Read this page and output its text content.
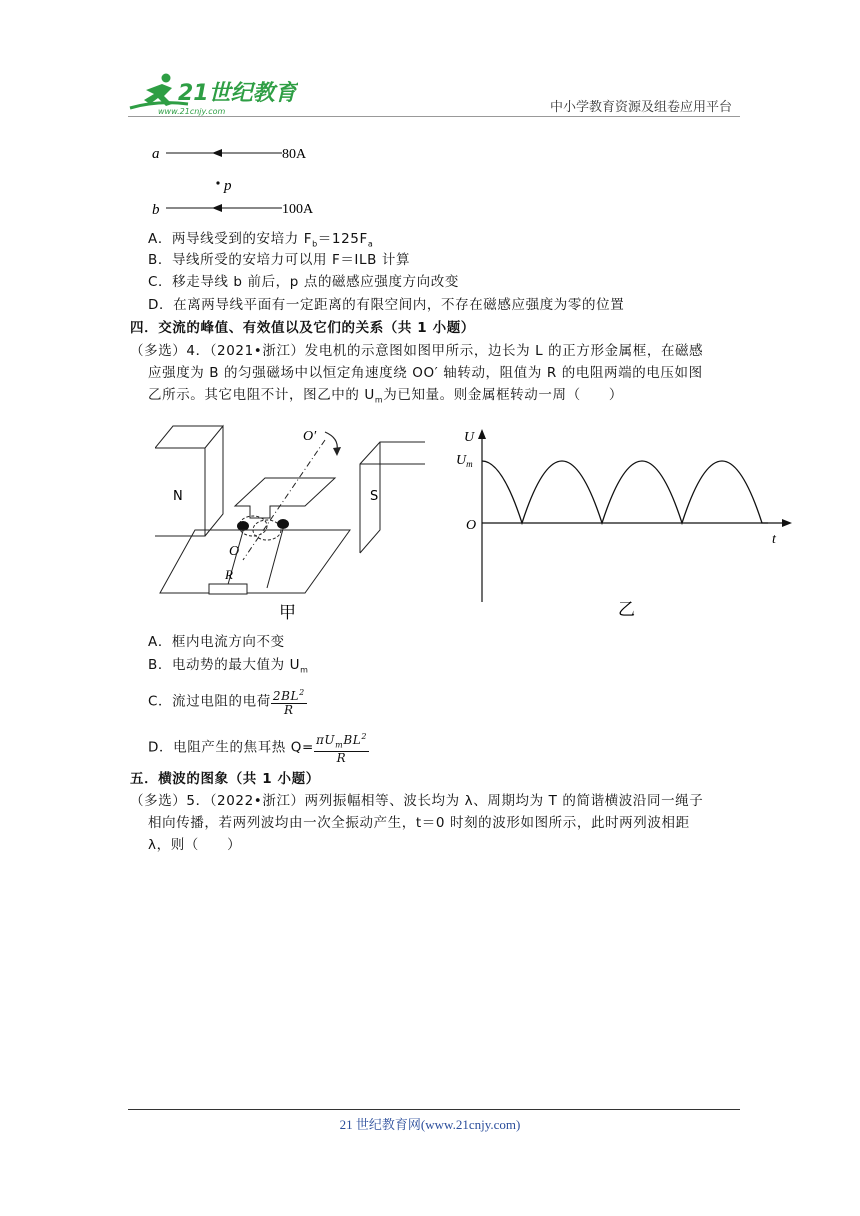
21世纪教育
www.21cnjy.com	中小学教育资源及组卷应用平台
a	80A
p
b	100A
A．两导线受到的安培力 $F_b=125F_a$
B．导线所受的安培力可以用 F＝ILB 计算
C．移走导线 b 前后，p 点的磁感应强度方向改变
D．在离两导线平面有一定距离的有限空间内，不存在磁感应强度为零的位置
四．交流的峰值、有效值以及它们的关系（共 1 小题）
（多选）4．（2021•浙江）发电机的示意图如图甲所示，边长为 L 的正方形金属框，在磁感
应强度为 B 的匀强磁场中以恒定角速度绕 OO′ 轴转动，阻值为 R 的电阻两端的电压如图
乙所示。其它电阻不计，图乙中的 $U_m$为已知量。则金属框转动一周（　　）
N	S
O′
O
R
甲
U
$U_m$
O
t
乙
A．框内电流方向不变
B．电动势的最大值为 $U_m$
C．流过电阻的电荷 $\frac{2BL^2}{R}$
D．电阻产生的焦耳热 $Q= \frac{\pi U_mBL^2}{R}$
五．横波的图象（共 1 小题）
（多选）5．（2022•浙江）两列振幅相等、波长均为 λ、周期均为 T 的简谐横波沿同一绳子
相向传播，若两列波均由一次全振动产生，t＝0 时刻的波形如图所示，此时两列波相距
λ，则（　　）
21 世纪教育网(www.21cnjy.com)
